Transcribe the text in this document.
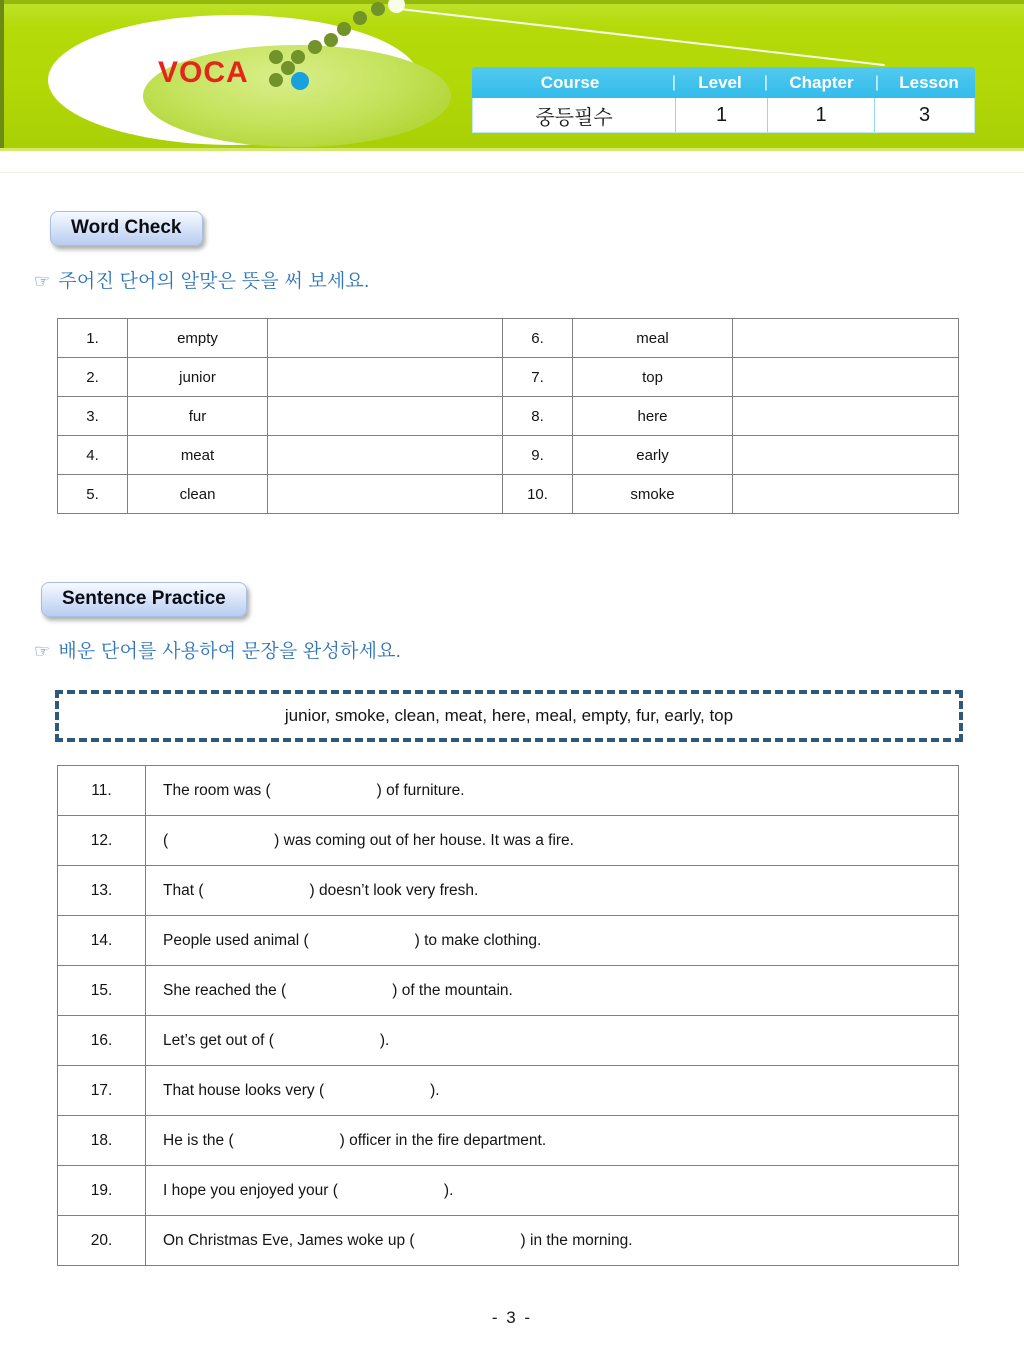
VOCA	Course	|	Level	|	Chapter	|	Lesson
중등필수	1	1	3
Word Check
☞ 주어진 단어의 알맞은 뜻을 써 보세요.
1.	empty		6.	meal	
2.	junior		7.	top	
3.	fur		8.	here	
4.	meat		9.	early	
5.	clean		10.	smoke	
Sentence Practice
☞ 배운 단어를 사용하여 문장을 완성하세요.
junior, smoke, clean, meat, here, meal, empty, fur, early, top
11.	The room was ( ) of furniture.
12.	( ) was coming out of her house. It was a fire.
13.	That ( ) doesn’t look very fresh.
14.	People used animal ( ) to make clothing.
15.	She reached the ( ) of the mountain.
16.	Let’s get out of ( ).
17.	That house looks very ( ).
18.	He is the ( ) officer in the fire department.
19.	I hope you enjoyed your ( ).
20.	On Christmas Eve, James woke up ( ) in the morning.
- 3 -
